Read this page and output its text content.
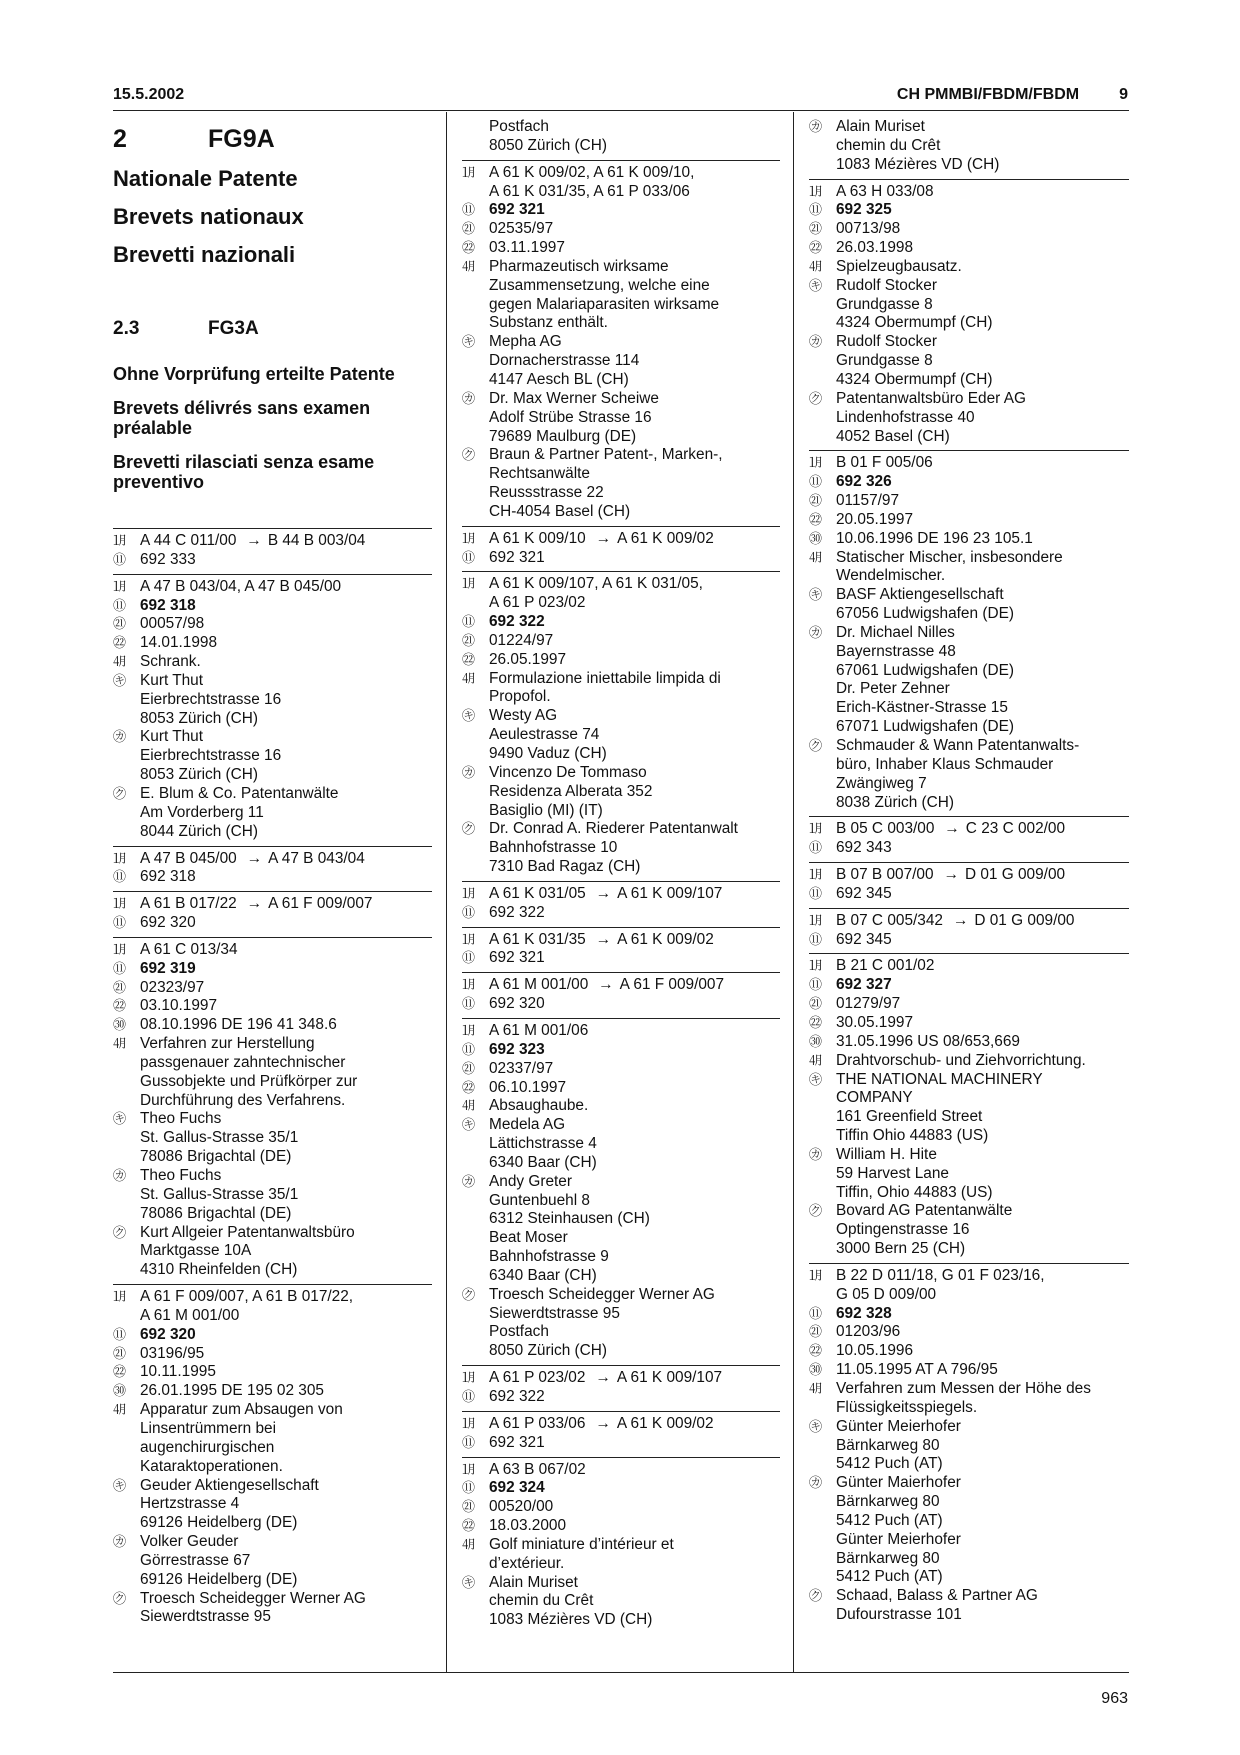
15.5.2002	CH PMMBI/FBDM/FBDM	9
2	FG9A
Nationale Patente
Brevets nationaux
Brevetti nazionali
2.3	FG3A
Ohne Vorprüfung erteilte Patente
Brevets délivrés sans examen préalable
Brevetti rilasciati senza esame preventivo
㋀ A 44 C 011/00 → B 44 B 003/04
⑪ 692 333
㋀ A 47 B 043/04, A 47 B 045/00
⑪ 692 318
㉑ 00057/98
㉒ 14.01.1998
㋃ Schrank.
㋖ Kurt Thut
Eierbrechtstrasse 16
8053 Zürich (CH)
㋕ Kurt Thut
Eierbrechtstrasse 16
8053 Zürich (CH)
㋗ E. Blum & Co. Patentanwälte
Am Vorderberg 11
8044 Zürich (CH)
㋀ A 47 B 045/00 → A 47 B 043/04
⑪ 692 318
㋀ A 61 B 017/22 → A 61 F 009/007
⑪ 692 320
㋀ A 61 C 013/34
⑪ 692 319
㉑ 02323/97
㉒ 03.10.1997
㉚ 08.10.1996 DE 196 41 348.6
㋃ Verfahren zur Herstellung
passgenauer zahntechnischer
Gussobjekte und Prüfkörper zur
Durchführung des Verfahrens.
㋖ Theo Fuchs
St. Gallus-Strasse 35/1
78086 Brigachtal (DE)
㋕ Theo Fuchs
St. Gallus-Strasse 35/1
78086 Brigachtal (DE)
㋗ Kurt Allgeier Patentanwaltsbüro
Marktgasse 10A
4310 Rheinfelden (CH)
㋀ A 61 F 009/007, A 61 B 017/22,
A 61 M 001/00
⑪ 692 320
㉑ 03196/95
㉒ 10.11.1995
㉚ 26.01.1995 DE 195 02 305
㋃ Apparatur zum Absaugen von
Linsentrümmern bei
augenchirurgischen
Kataraktoperationen.
㋖ Geuder Aktiengesellschaft
Hertzstrasse 4
69126 Heidelberg (DE)
㋕ Volker Geuder
Görrestrasse 67
69126 Heidelberg (DE)
㋗ Troesch Scheidegger Werner AG
Siewerdtstrasse 95
Postfach
8050 Zürich (CH)
㋀ A 61 K 009/02, A 61 K 009/10,
A 61 K 031/35, A 61 P 033/06
⑪ 692 321
㉑ 02535/97
㉒ 03.11.1997
㋃ Pharmazeutisch wirksame
Zusammensetzung, welche eine
gegen Malariaparasiten wirksame
Substanz enthält.
㋖ Mepha AG
Dornacherstrasse 114
4147 Aesch BL (CH)
㋕ Dr. Max Werner Scheiwe
Adolf Strübe Strasse 16
79689 Maulburg (DE)
㋗ Braun & Partner Patent-, Marken-,
Rechtsanwälte
Reussstrasse 22
CH-4054 Basel (CH)
㋀ A 61 K 009/10 → A 61 K 009/02
⑪ 692 321
㋀ A 61 K 009/107, A 61 K 031/05,
A 61 P 023/02
⑪ 692 322
㉑ 01224/97
㉒ 26.05.1997
㋃ Formulazione iniettabile limpida di
Propofol.
㋖ Westy AG
Aeulestrasse 74
9490 Vaduz (CH)
㋕ Vincenzo De Tommaso
Residenza Alberata 352
Basiglio (MI) (IT)
㋗ Dr. Conrad A. Riederer Patentanwalt
Bahnhofstrasse 10
7310 Bad Ragaz (CH)
㋀ A 61 K 031/05 → A 61 K 009/107
⑪ 692 322
㋀ A 61 K 031/35 → A 61 K 009/02
⑪ 692 321
㋀ A 61 M 001/00 → A 61 F 009/007
⑪ 692 320
㋀ A 61 M 001/06
⑪ 692 323
㉑ 02337/97
㉒ 06.10.1997
㋃ Absaughaube.
㋖ Medela AG
Lättichstrasse 4
6340 Baar (CH)
㋕ Andy Greter
Guntenbuehl 8
6312 Steinhausen (CH)
Beat Moser
Bahnhofstrasse 9
6340 Baar (CH)
㋗ Troesch Scheidegger Werner AG
Siewerdtstrasse 95
Postfach
8050 Zürich (CH)
㋀ A 61 P 023/02 → A 61 K 009/107
⑪ 692 322
㋀ A 61 P 033/06 → A 61 K 009/02
⑪ 692 321
㋀ A 63 B 067/02
⑪ 692 324
㉑ 00520/00
㉒ 18.03.2000
㋃ Golf miniature d’intérieur et
d’extérieur.
㋖ Alain Muriset
chemin du Crêt
1083 Mézières VD (CH)
㋕ Alain Muriset
chemin du Crêt
1083 Mézières VD (CH)
㋀ A 63 H 033/08
⑪ 692 325
㉑ 00713/98
㉒ 26.03.1998
㋃ Spielzeugbausatz.
㋖ Rudolf Stocker
Grundgasse 8
4324 Obermumpf (CH)
㋕ Rudolf Stocker
Grundgasse 8
4324 Obermumpf (CH)
㋗ Patentanwaltsbüro Eder AG
Lindenhofstrasse 40
4052 Basel (CH)
㋀ B 01 F 005/06
⑪ 692 326
㉑ 01157/97
㉒ 20.05.1997
㉚ 10.06.1996 DE 196 23 105.1
㋃ Statischer Mischer, insbesondere
Wendelmischer.
㋖ BASF Aktiengesellschaft
67056 Ludwigshafen (DE)
㋕ Dr. Michael Nilles
Bayernstrasse 48
67061 Ludwigshafen (DE)
Dr. Peter Zehner
Erich-Kästner-Strasse 15
67071 Ludwigshafen (DE)
㋗ Schmauder & Wann Patentanwalts-
büro, Inhaber Klaus Schmauder
Zwängiweg 7
8038 Zürich (CH)
㋀ B 05 C 003/00 → C 23 C 002/00
⑪ 692 343
㋀ B 07 B 007/00 → D 01 G 009/00
⑪ 692 345
㋀ B 07 C 005/342 → D 01 G 009/00
⑪ 692 345
㋀ B 21 C 001/02
⑪ 692 327
㉑ 01279/97
㉒ 30.05.1997
㉚ 31.05.1996 US 08/653,669
㋃ Drahtvorschub- und Ziehvorrichtung.
㋖ THE NATIONAL MACHINERY
COMPANY
161 Greenfield Street
Tiffin Ohio 44883 (US)
㋕ William H. Hite
59 Harvest Lane
Tiffin, Ohio 44883 (US)
㋗ Bovard AG Patentanwälte
Optingenstrasse 16
3000 Bern 25 (CH)
㋀ B 22 D 011/18, G 01 F 023/16,
G 05 D 009/00
⑪ 692 328
㉑ 01203/96
㉒ 10.05.1996
㉚ 11.05.1995 AT A 796/95
㋃ Verfahren zum Messen der Höhe des
Flüssigkeitsspiegels.
㋖ Günter Meierhofer
Bärnkarweg 80
5412 Puch (AT)
㋕ Günter Maierhofer
Bärnkarweg 80
5412 Puch (AT)
Günter Meierhofer
Bärnkarweg 80
5412 Puch (AT)
㋗ Schaad, Balass & Partner AG
Dufourstrasse 101
963
